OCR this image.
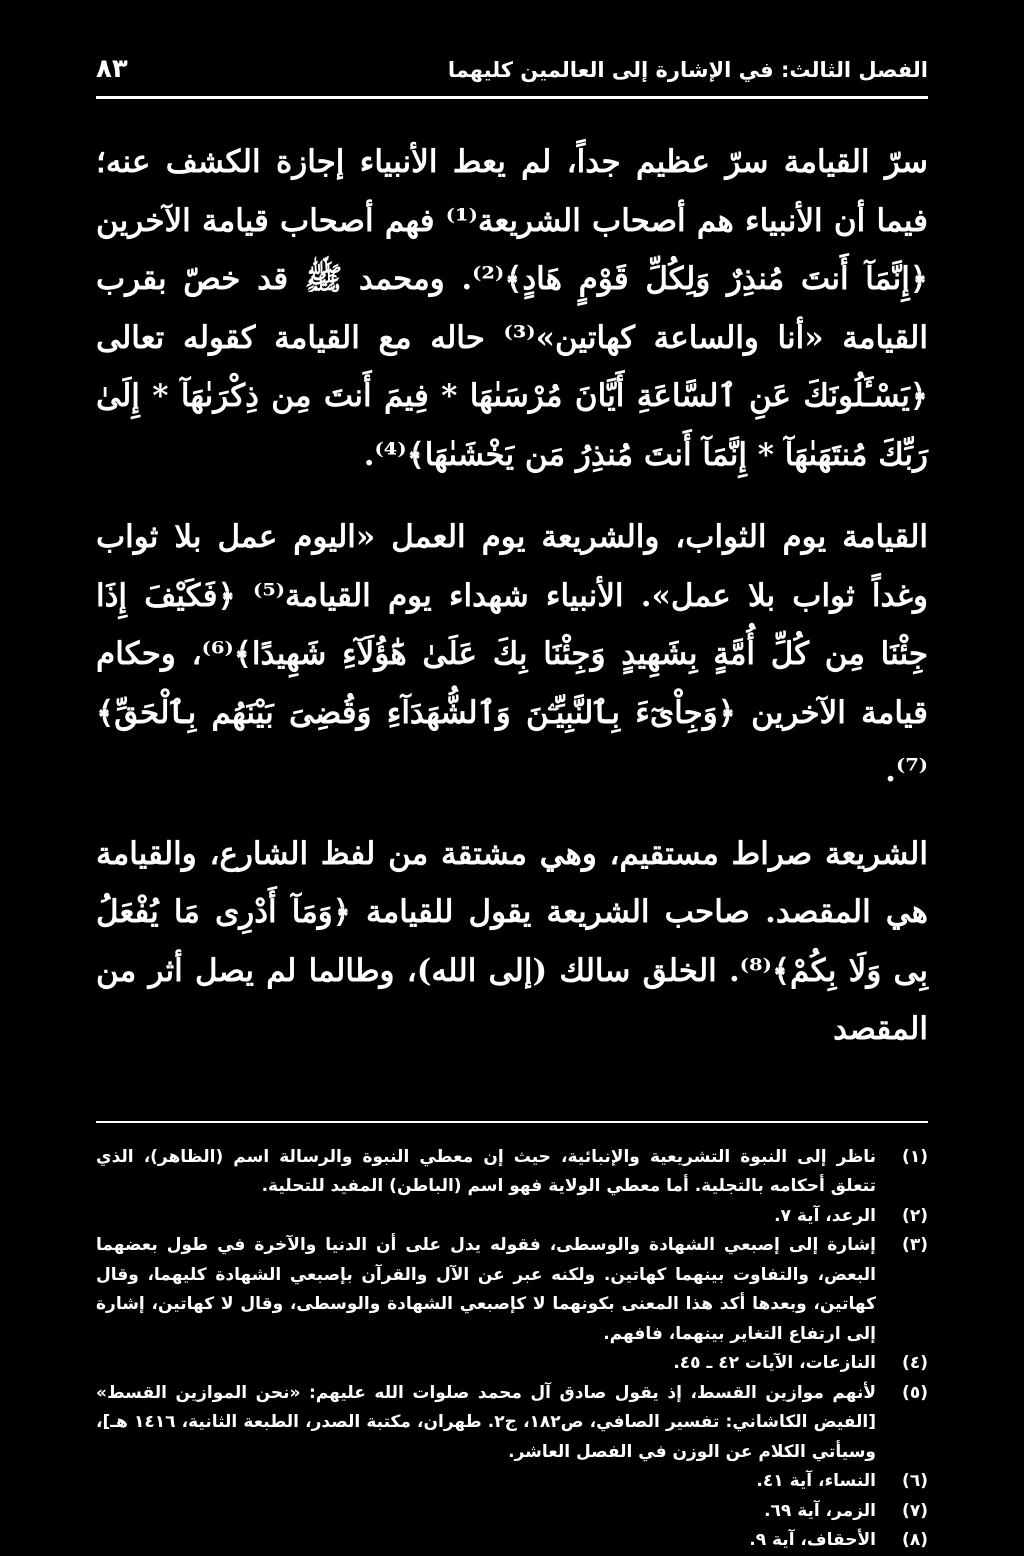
٨٣	الفصل الثالث: في الإشارة إلى العالمين كليهما

سرّ القيامة سرّ عظيم جداً، لم يعط الأنبياء إجازة الكشف عنه؛ فيما أن الأنبياء هم أصحاب الشريعة⁽¹⁾ فهم أصحاب قيامة الآخرين ﴿إِنَّمَآ أَنتَ مُنذِرٌ وَلِكُلِّ قَوْمٍ هَادٍ﴾⁽²⁾. ومحمد ﷺ قد خصّ بقرب القيامة «أنا والساعة كهاتين»⁽³⁾ حاله مع القيامة كقوله تعالى ﴿يَسْـَٔلُونَكَ عَنِ ٱلسَّاعَةِ أَيَّانَ مُرْسَىٰهَا * فِيمَ أَنتَ مِن ذِكْرَىٰهَآ * إِلَىٰ رَبِّكَ مُنتَهَىٰهَآ * إِنَّمَآ أَنتَ مُنذِرُ مَن يَخْشَىٰهَا﴾⁽⁴⁾.

القيامة يوم الثواب، والشريعة يوم العمل «اليوم عمل بلا ثواب وغداً ثواب بلا عمل». الأنبياء شهداء يوم القيامة⁽⁵⁾ ﴿فَكَيْفَ إِذَا جِئْنَا مِن كُلِّ أُمَّةٍ بِشَهِيدٍ وَجِئْنَا بِكَ عَلَىٰ هَٰٓؤُلَآءِ شَهِيدًا﴾⁽⁶⁾، وحكام قيامة الآخرين ﴿وَجِاْىٓءَ بِٱلنَّبِيِّـۧنَ وَٱلشُّهَدَآءِ وَقُضِىَ بَيْنَهُم بِٱلْحَقِّ﴾⁽⁷⁾.

الشريعة صراط مستقيم، وهي مشتقة من لفظ الشارع، والقيامة هي المقصد. صاحب الشريعة يقول للقيامة ﴿وَمَآ أَدْرِى مَا يُفْعَلُ بِى وَلَا بِكُمْ﴾⁽⁸⁾. الخلق سالك (إلى الله)، وطالما لم يصل أثر من المقصد

(١)
ناظر إلى النبوة التشريعية والإنبائية، حيث إن معطي النبوة والرسالة اسم (الظاهر)، الذي تتعلق أحكامه بالتجلية. أما معطي الولاية فهو اسم (الباطن) المفيد للتحلية.
(٢)
الرعد، آية ٧.
(٣)
إشارة إلى إصبعي الشهادة والوسطى، فقوله يدل على أن الدنيا والآخرة في طول بعضهما البعض، والتفاوت بينهما كهاتين. ولكنه عبر عن الآل والقرآن بإصبعي الشهادة كليهما، وقال كهاتين، وبعدها أكد هذا المعنى بكونهما لا كإصبعي الشهادة والوسطى، وقال لا كهاتين، إشارة إلى ارتفاع التغاير بينهما، فافهم.
(٤)
النازعات، الآيات ٤٢ ـ ٤٥.
(٥)
لأنهم موازين القسط، إذ يقول صادق آل محمد صلوات الله عليهم: «نحن الموازين القسط» [الفيض الكاشاني: تفسير الصافي، ص١٨٢، ج٢. طهران، مكتبة الصدر، الطبعة الثانية، ١٤١٦ هـ]، وسيأتي الكلام عن الوزن في الفصل العاشر.
(٦)
النساء، آية ٤١.
(٧)
الزمر، آية ٦٩.
(٨)
الأحقاف، آية ٩.
